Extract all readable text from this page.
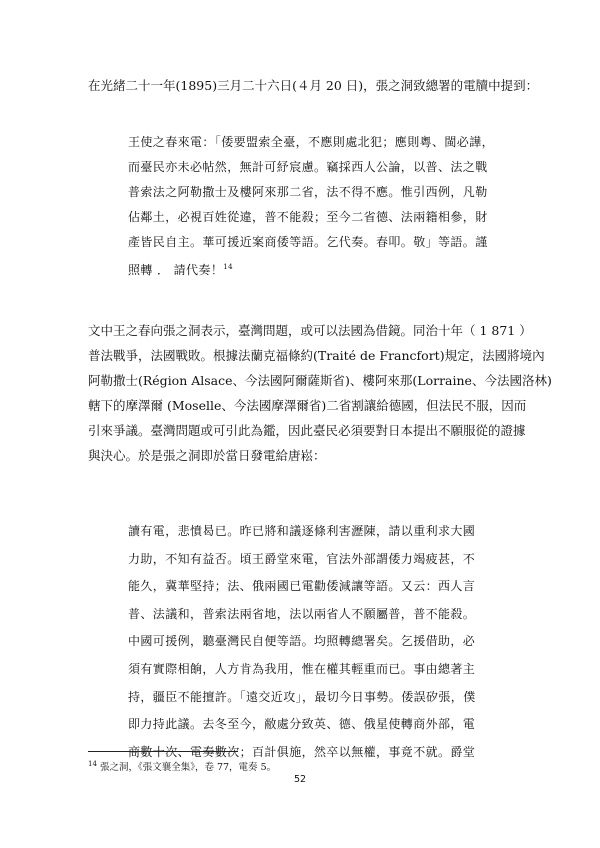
在光緒二十一年(1895)三月二十六日(４月 20 日)，張之洞致總署的電牘中提到：
王使之春來電：「倭要盟索全臺，不應則處北犯；應則粵、閩必譁，
而臺民亦未必帖然，無計可紓宸慮。竊採西人公論，以普、法之戰
普索法之阿勒撒士及樓阿來那二省，法不得不應。惟引西例，凡勒
佔鄰土，必視百姓從違，普不能殺；至今二省德、法兩籍相參，財
產皆民自主。華可援近案商倭等語。乞代奏。春叩。敬」等語。謹
照轉 ． 請代奏！$^{14}$
文中王之春向張之洞表示，臺灣問題，或可以法國為借鏡。同治十年（ 1 871 ）
普法戰爭，法國戰敗。根據法蘭克福條約(Traité de Francfort)規定，法國將境內
阿勒撒士(Région Alsace、今法國阿爾薩斯省)、樓阿來那(Lorraine、今法國洛林)
轄下的摩澤爾 (Moselle、今法國摩澤爾省)二省割讓給德國，但法民不服，因而
引來爭議。臺灣問題或可引此為鑑，因此臺民必須要對日本提出不願服從的證據
與決心。於是張之洞即於當日發電給唐崧：
讀有電，悲憤曷已。昨已將和議逐條利害瀝陳，請以重利求大國
力助，不知有益否。頃王爵堂來電，官法外部謂倭力竭疲甚，不
能久，冀華堅持；法、俄兩國已電勸倭減讓等語。又云：西人言
普、法議和，普索法兩省地，法以兩省人不願屬普，普不能殺。
中國可援例，聽臺灣民自便等語。均照轉總署矣。乞援借助，必
須有實際相餉，人方肯為我用，惟在權其輕重而已。事由總著主
持，疆臣不能擅許。「遠交近攻」，最切今日事勢。倭誤矽張，僕
即力持此議。去冬至今，敝處分致英、德、俄星使轉商外部，電
商數十次、電奏數次；百計俱施，然卒以無權，事竟不就。爵堂
$^{14}$ 張之洞，《張文襄全集》，卷 77，電奏 5。
52
